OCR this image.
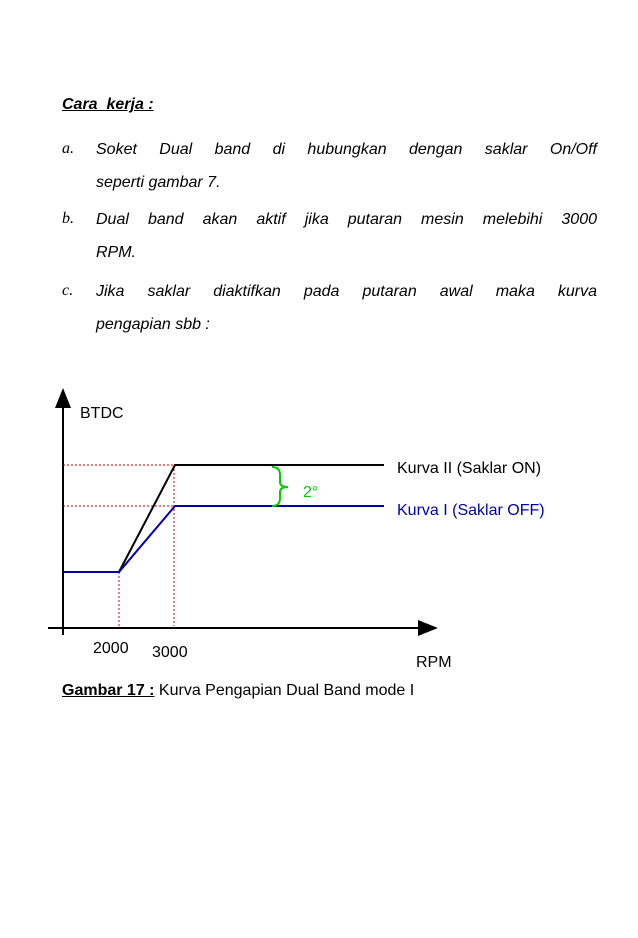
Cara  kerja :
a. Soket Dual band di hubungkan dengan saklar On/Off
seperti gambar 7.
b. Dual band akan aktif jika putaran mesin melebihi 3000
RPM.
c. Jika saklar diaktifkan pada putaran awal maka kurva
pengapian sbb :
BTDC
RPM
2000 3000
2°
Kurva II (Saklar ON)
Kurva I (Saklar OFF)
Gambar 17 : Kurva Pengapian Dual Band mode I
